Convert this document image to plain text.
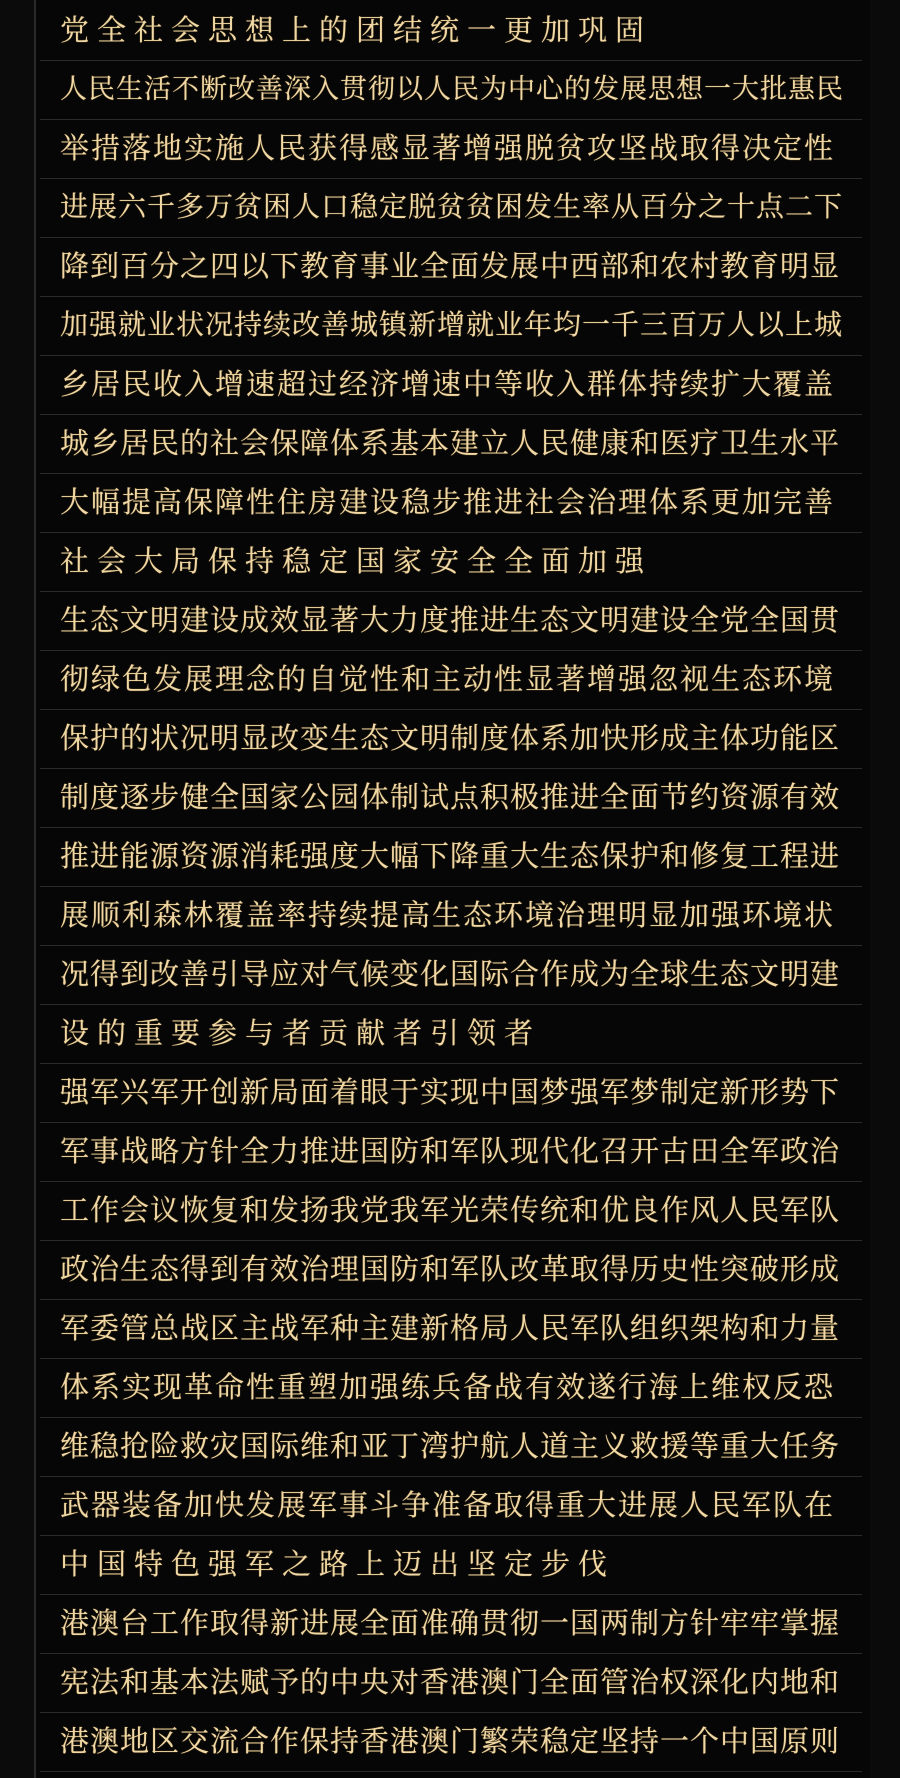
党全社会思想上的团结统一更加巩固
人民生活不断改善深入贯彻以人民为中心的发展思想一大批惠民
举措落地实施人民获得感显著增强脱贫攻坚战取得决定性
进展六千多万贫困人口稳定脱贫贫困发生率从百分之十点二下
降到百分之四以下教育事业全面发展中西部和农村教育明显
加强就业状况持续改善城镇新增就业年均一千三百万人以上城
乡居民收入增速超过经济增速中等收入群体持续扩大覆盖
城乡居民的社会保障体系基本建立人民健康和医疗卫生水平
大幅提高保障性住房建设稳步推进社会治理体系更加完善
社会大局保持稳定国家安全全面加强
生态文明建设成效显著大力度推进生态文明建设全党全国贯
彻绿色发展理念的自觉性和主动性显著增强忽视生态环境
保护的状况明显改变生态文明制度体系加快形成主体功能区
制度逐步健全国家公园体制试点积极推进全面节约资源有效
推进能源资源消耗强度大幅下降重大生态保护和修复工程进
展顺利森林覆盖率持续提高生态环境治理明显加强环境状
况得到改善引导应对气候变化国际合作成为全球生态文明建
设的重要参与者贡献者引领者
强军兴军开创新局面着眼于实现中国梦强军梦制定新形势下
军事战略方针全力推进国防和军队现代化召开古田全军政治
工作会议恢复和发扬我党我军光荣传统和优良作风人民军队
政治生态得到有效治理国防和军队改革取得历史性突破形成
军委管总战区主战军种主建新格局人民军队组织架构和力量
体系实现革命性重塑加强练兵备战有效遂行海上维权反恐
维稳抢险救灾国际维和亚丁湾护航人道主义救援等重大任务
武器装备加快发展军事斗争准备取得重大进展人民军队在
中国特色强军之路上迈出坚定步伐
港澳台工作取得新进展全面准确贯彻一国两制方针牢牢掌握
宪法和基本法赋予的中央对香港澳门全面管治权深化内地和
港澳地区交流合作保持香港澳门繁荣稳定坚持一个中国原则
